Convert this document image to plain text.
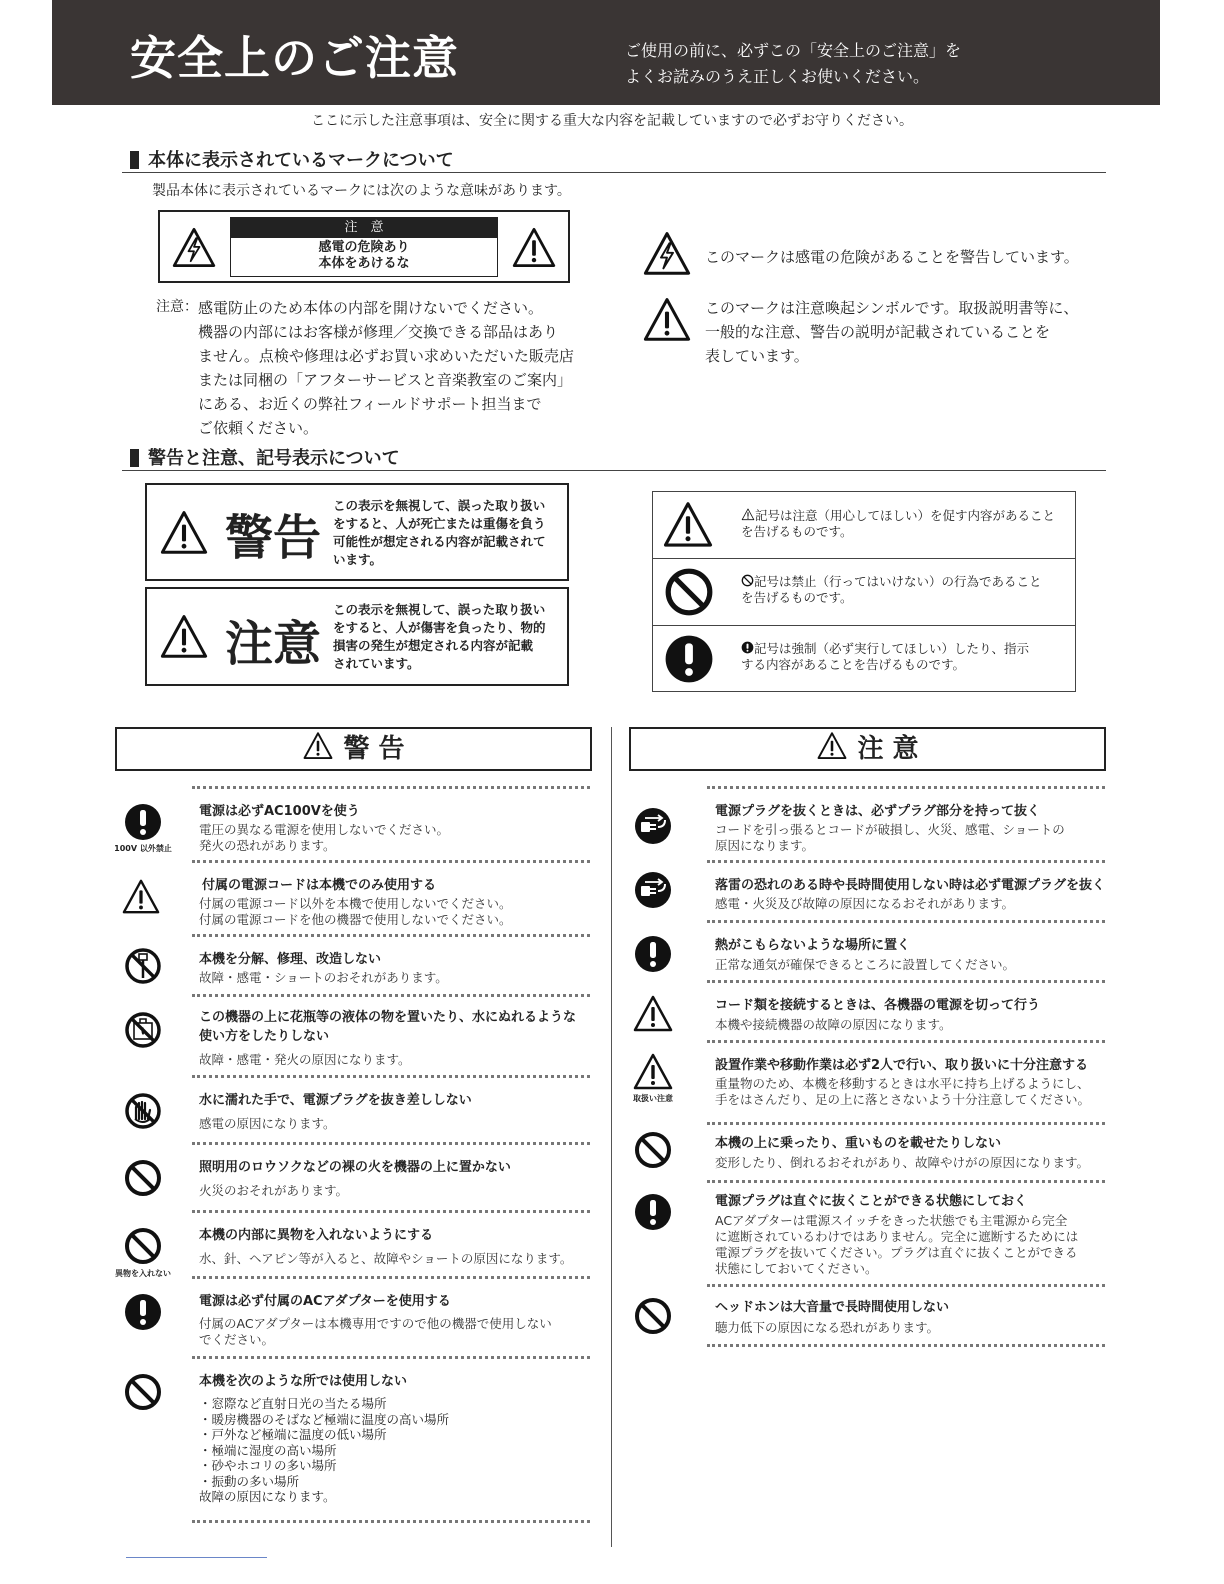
安全上のご注意	ご使用の前に、必ずこの「安全上のご注意」を
よくお読みのうえ正しくお使いください。
ここに示した注意事項は、安全に関する重大な内容を記載していますので必ずお守りください。
本体に表示されているマークについて
製品本体に表示されているマークには次のような意味があります。
注　意
感電の危険あり
本体をあけるな
注意： 感電防止のため本体の内部を開けないでください。
機器の内部にはお客様が修理／交換できる部品はあり
ません。点検や修理は必ずお買い求めいただいた販売店
または同梱の「アフターサービスと音楽教室のご案内」
にある、お近くの弊社フィールドサポート担当まで
ご依頼ください。
このマークは感電の危険があることを警告しています。
このマークは注意喚起シンボルです。取扱説明書等に、
一般的な注意、警告の説明が記載されていることを
表しています。
警告と注意、記号表示について
警告
この表示を無視して、誤った取り扱い
をすると、人が死亡または重傷を負う
可能性が想定される内容が記載されて
います。
注意
この表示を無視して、誤った取り扱い
をすると、人が傷害を負ったり、物的
損害の発生が想定される内容が記載
されています。
記号は注意（用心してほしい）を促す内容があること
を告げるものです。
記号は禁止（行ってはいけない）の行為であること
を告げるものです。
記号は強制（必ず実行してほしい）したり、指示
する内容があることを告げるものです。
警 告	注 意
100V 以外禁止
電源は必ずAC100Vを使う
電圧の異なる電源を使用しないでください。
発火の恐れがあります。
付属の電源コードは本機でのみ使用する
付属の電源コード以外を本機で使用しないでください。
付属の電源コードを他の機器で使用しないでください。
本機を分解、修理、改造しない
故障・感電・ショートのおそれがあります。
この機器の上に花瓶等の液体の物を置いたり、水にぬれるような
使い方をしたりしない
故障・感電・発火の原因になります。
水に濡れた手で、電源プラグを抜き差ししない
感電の原因になります。
照明用のロウソクなどの裸の火を機器の上に置かない
火災のおそれがあります。
異物を入れない
本機の内部に異物を入れないようにする
水、針、ヘアピン等が入ると、故障やショートの原因になります。
電源は必ず付属のACアダプターを使用する
付属のACアダプターは本機専用ですので他の機器で使用しない
でください。
本機を次のような所では使用しない
・窓際など直射日光の当たる場所
・暖房機器のそばなど極端に温度の高い場所
・戸外など極端に温度の低い場所
・極端に湿度の高い場所
・砂やホコリの多い場所
・振動の多い場所
故障の原因になります。
電源プラグを抜くときは、必ずプラグ部分を持って抜く
コードを引っ張るとコードが破損し、火災、感電、ショートの
原因になります。
落雷の恐れのある時や長時間使用しない時は必ず電源プラグを抜く
感電・火災及び故障の原因になるおそれがあります。
熱がこもらないような場所に置く
正常な通気が確保できるところに設置してください。
コード類を接続するときは、各機器の電源を切って行う
本機や接続機器の故障の原因になります。
取扱い注意
設置作業や移動作業は必ず2人で行い、取り扱いに十分注意する
重量物のため、本機を移動するときは水平に持ち上げるようにし、
手をはさんだり、足の上に落とさないよう十分注意してください。
本機の上に乗ったり、重いものを載せたりしない
変形したり、倒れるおそれがあり、故障やけがの原因になります。
電源プラグは直ぐに抜くことができる状態にしておく
ACアダプターは電源スイッチをきった状態でも主電源から完全
に遮断されているわけではありません。完全に遮断するためには
電源プラグを抜いてください。プラグは直ぐに抜くことができる
状態にしておいてください。
ヘッドホンは大音量で長時間使用しない
聴力低下の原因になる恐れがあります。
